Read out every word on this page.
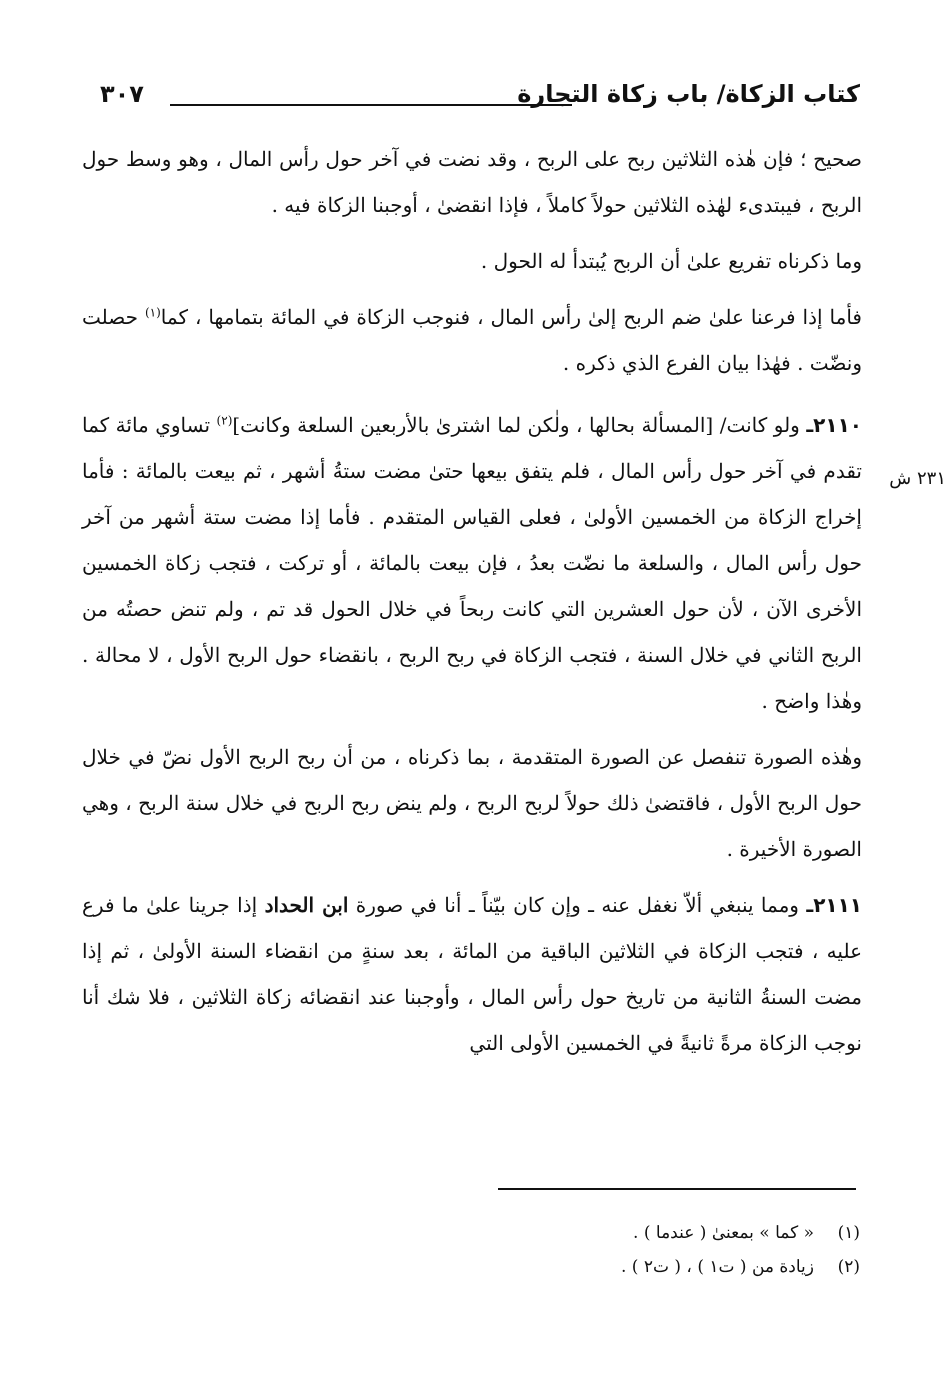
كتاب الزكاة/ باب زكاة التجارة
٣٠٧
٢٣١ ش

صحيح ؛ فإن هٰذه الثلاثين ربح على الربح ، وقد نضت في آخر حول رأس المال ، وهو وسط حول الربح ، فيبتدىء لهٰذه الثلاثين حولاً كاملاً ، فإذا انقضىٰ ، أوجبنا الزكاة فيه .

وما ذكرناه تفريع علىٰ أن الربح يُبتدأ له الحول .

فأما إذا فرعنا علىٰ ضم الربح إلىٰ رأس المال ، فنوجب الزكاة في المائة بتمامها ، كما$^{(١)}$ حصلت ونضّت . فهٰذا بيان الفرع الذي ذكره .

٢١١٠ـ ولو كانت/ [المسألة بحالها ، ولٰكن لما اشترىٰ بالأربعين السلعة وكانت]$^{(٢)}$ تساوي مائة كما تقدم في آخر حول رأس المال ، فلم يتفق بيعها حتىٰ مضت ستةُ أشهر ، ثم بيعت بالمائة : فأما إخراج الزكاة من الخمسين الأولىٰ ، فعلى القياس المتقدم . فأما إذا مضت ستة أشهر من آخر حول رأس المال ، والسلعة ما نضّت بعدُ ، فإن بيعت بالمائة ، أو تركت ، فتجب زكاة الخمسين الأخرى الآن ، لأن حول العشرين التي كانت ربحاً في خلال الحول قد تم ، ولم تنض حصتُه من الربح الثاني في خلال السنة ، فتجب الزكاة في ربح الربح ، بانقضاء حول الربح الأول ، لا محالة . وهٰذا واضح .

وهٰذه الصورة تنفصل عن الصورة المتقدمة ، بما ذكرناه ، من أن ربح الربح الأول نضّ في خلال حول الربح الأول ، فاقتضىٰ ذلك حولاً لربح الربح ، ولم ينض ربح الربح في خلال سنة الربح ، وهي الصورة الأخيرة .

٢١١١ـ ومما ينبغي ألاّ نغفل عنه ـ وإن كان بيّناً ـ أنا في صورة ابن الحداد إذا جرينا علىٰ ما فرع عليه ، فتجب الزكاة في الثلاثين الباقية من المائة ، بعد سنةٍ من انقضاء السنة الأولىٰ ، ثم إذا مضت السنةُ الثانية من تاريخ حول رأس المال ، وأوجبنا عند انقضائه زكاة الثلاثين ، فلا شك أنا نوجب الزكاة مرةً ثانيةً في الخمسين الأولى التي

(١)« كما » بمعنىٰ ( عندما ) .
(٢)زيادة من ( ت١ ) ، ( ت٢ ) .
